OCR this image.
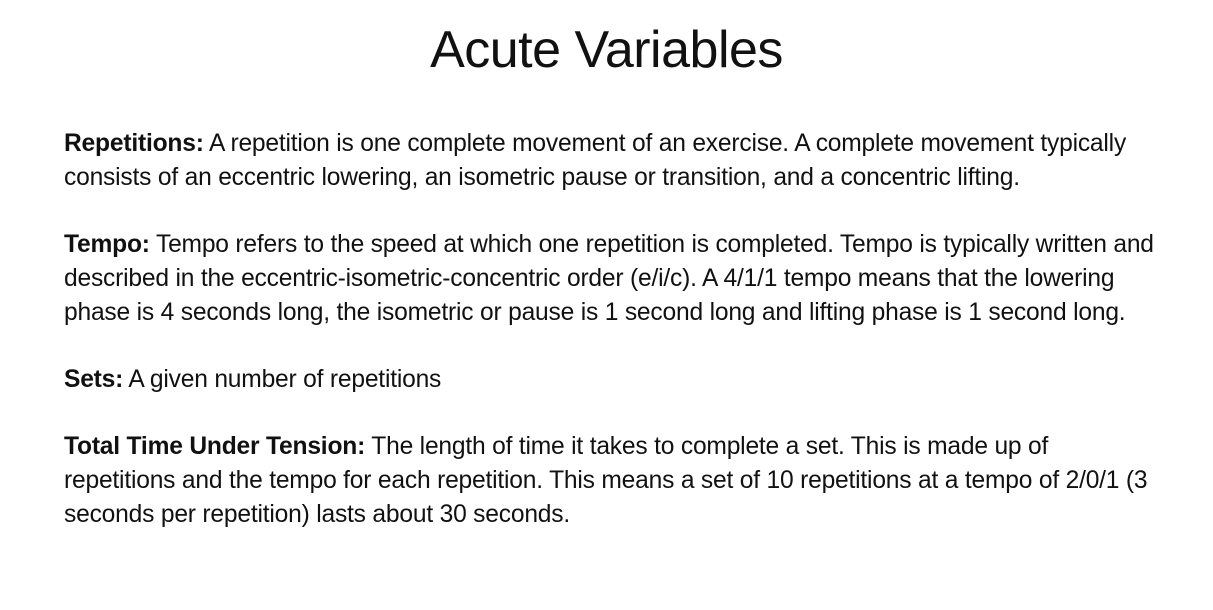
Acute Variables

Repetitions: A repetition is one complete movement of an exercise. A complete movement typically consists of an eccentric lowering, an isometric pause or transition, and a concentric lifting.

Tempo: Tempo refers to the speed at which one repetition is completed. Tempo is typically written and described in the eccentric-isometric-concentric order (e/i/c). A 4/1/1 tempo means that the lowering phase is 4 seconds long, the isometric or pause is 1 second long and lifting phase is 1 second long.

Sets: A given number of repetitions

Total Time Under Tension: The length of time it takes to complete a set. This is made up of repetitions and the tempo for each repetition. This means a set of 10 repetitions at a tempo of 2/0/1 (3 seconds per repetition) lasts about 30 seconds.
